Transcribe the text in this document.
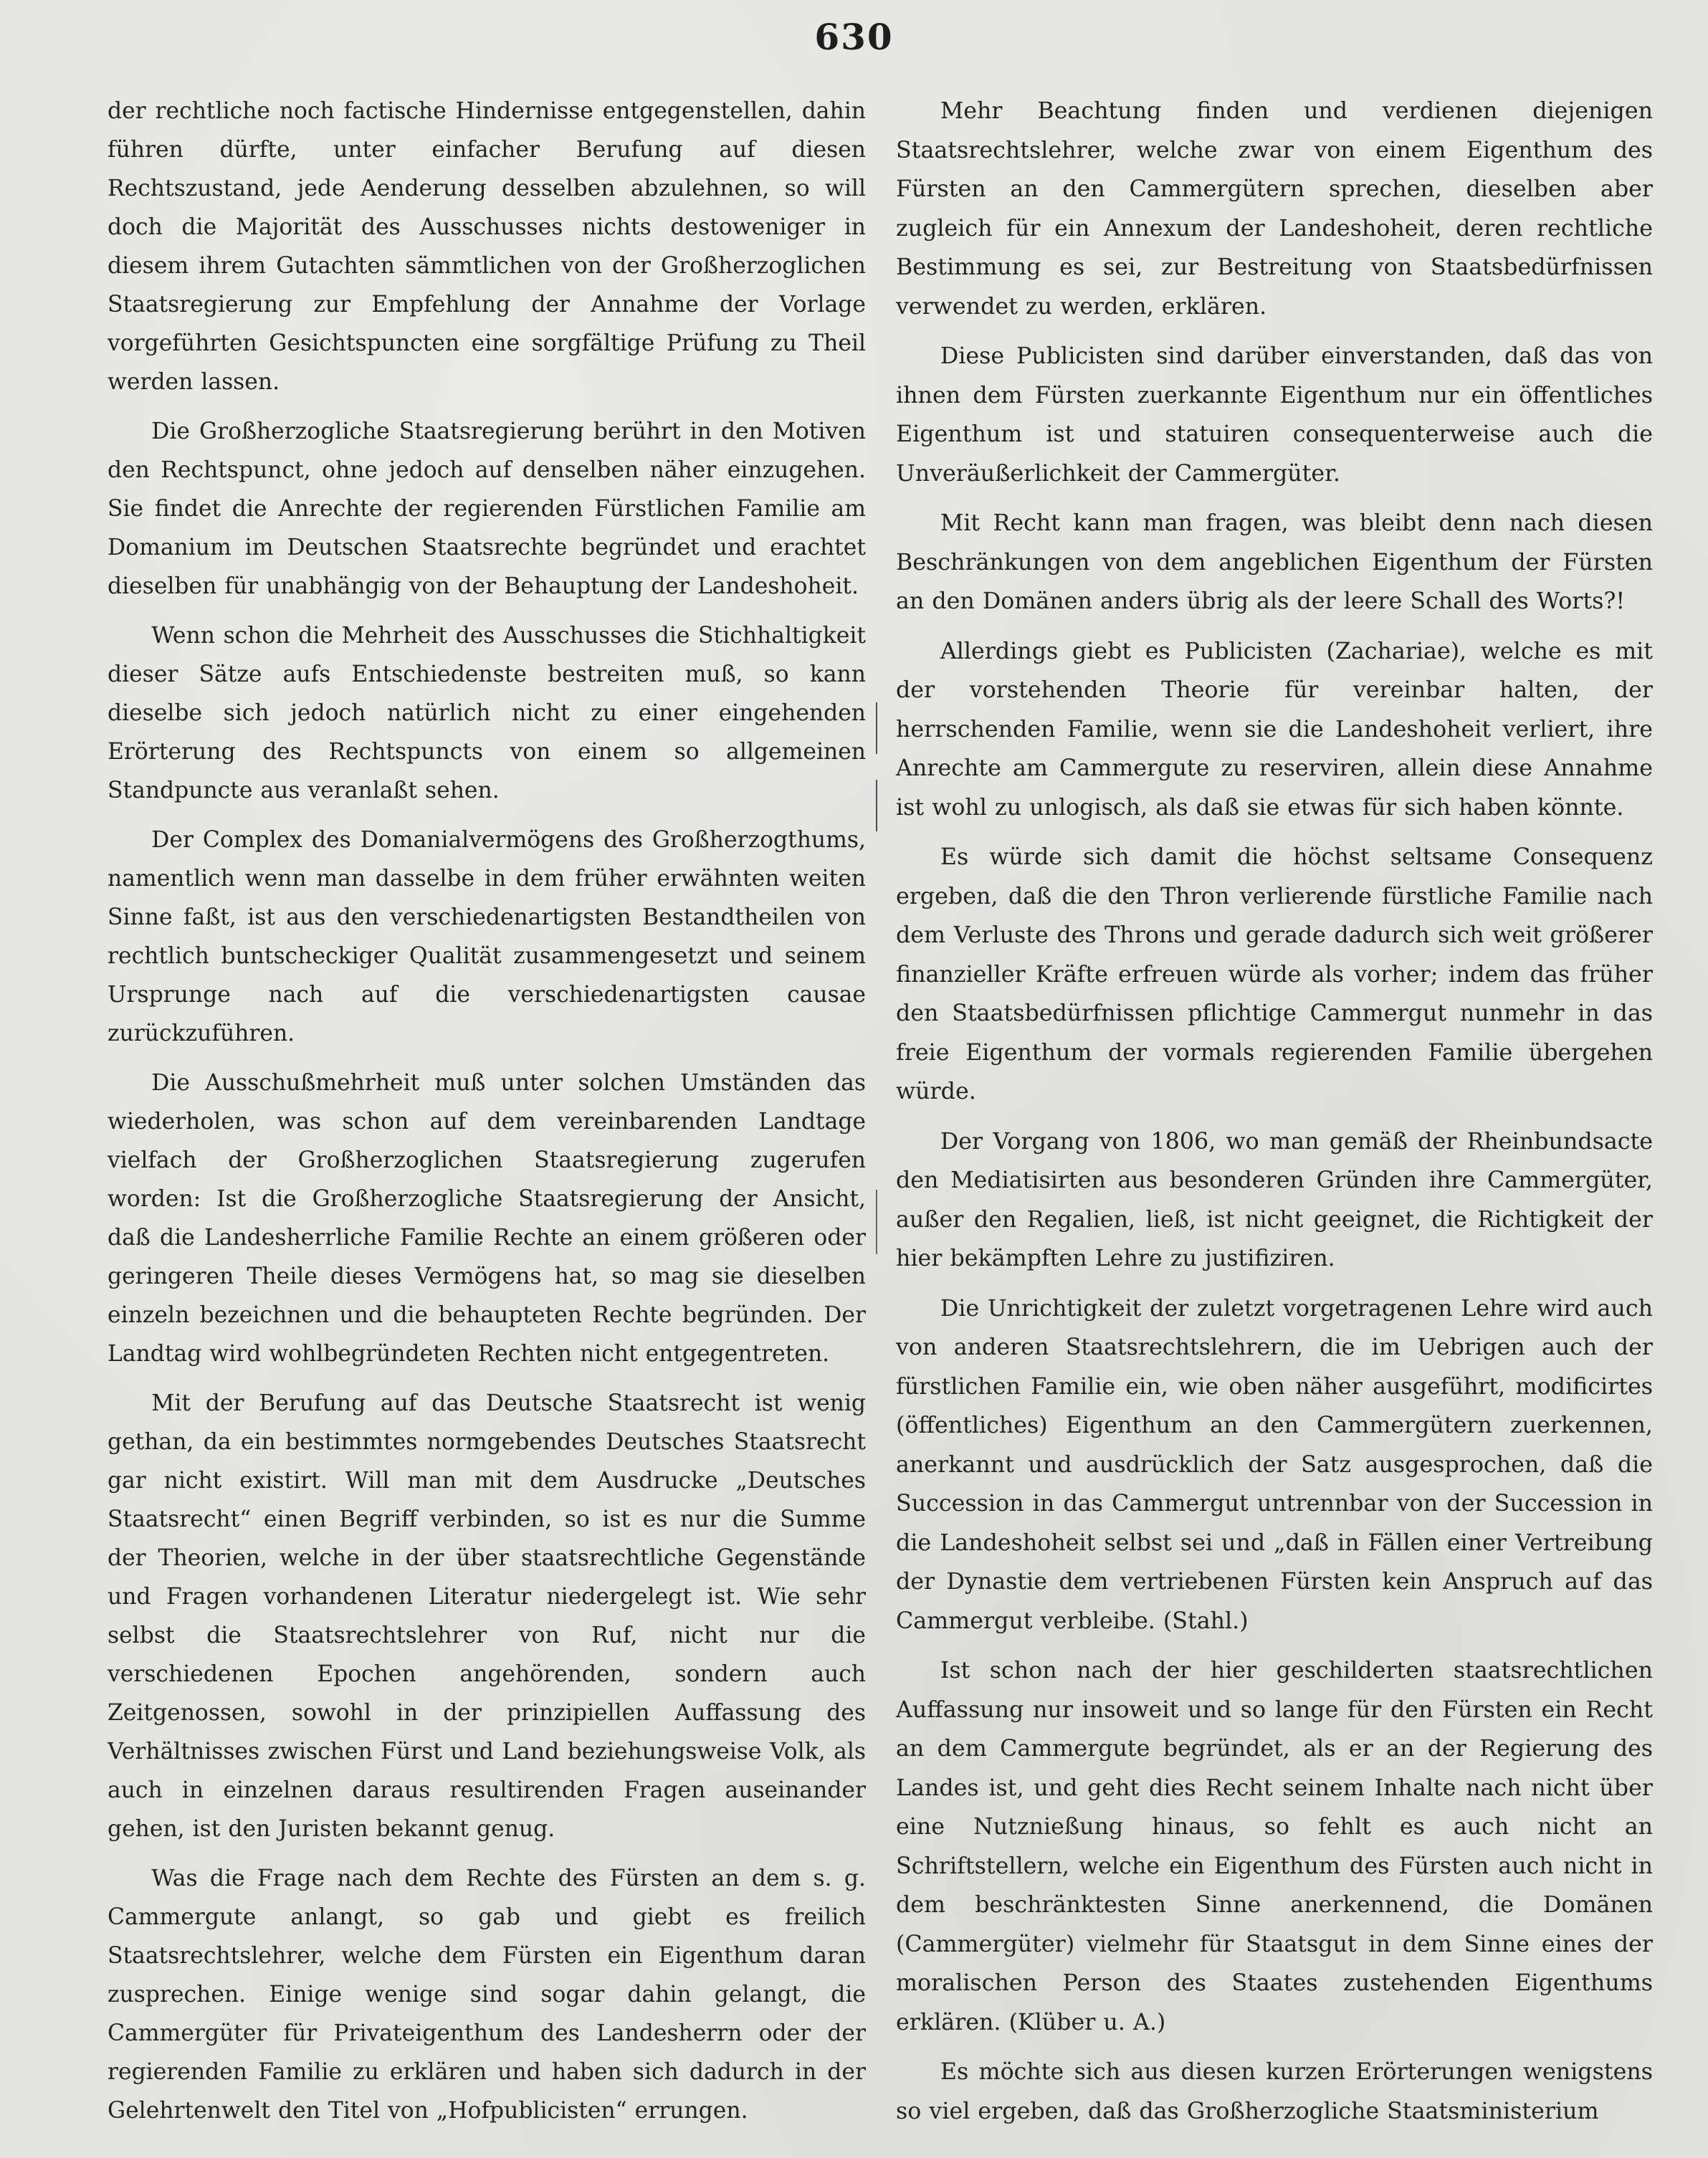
630

der rechtliche noch factische Hindernisse entgegenstellen, dahin führen dürfte, unter einfacher Berufung auf diesen Rechtszustand, jede Aenderung desselben abzulehnen, so will doch die Majorität des Ausschusses nichts destoweniger in diesem ihrem Gutachten sämmtlichen von der Großherzoglichen Staatsregierung zur Empfehlung der Annahme der Vorlage vorgeführten Gesichtspuncten eine sorgfältige Prüfung zu Theil werden lassen.

Die Großherzogliche Staatsregierung berührt in den Motiven den Rechtspunct, ohne jedoch auf denselben näher einzugehen. Sie findet die Anrechte der regierenden Fürstlichen Familie am Domanium im Deutschen Staatsrechte begründet und erachtet dieselben für unabhängig von der Behauptung der Landeshoheit.

Wenn schon die Mehrheit des Ausschusses die Stichhaltigkeit dieser Sätze aufs Entschiedenste bestreiten muß, so kann dieselbe sich jedoch natürlich nicht zu einer eingehenden Erörterung des Rechtspuncts von einem so allgemeinen Standpuncte aus veranlaßt sehen.

Der Complex des Domanialvermögens des Großherzogthums, namentlich wenn man dasselbe in dem früher erwähnten weiten Sinne faßt, ist aus den verschiedenartigsten Bestandtheilen von rechtlich buntscheckiger Qualität zusammengesetzt und seinem Ursprunge nach auf die verschiedenartigsten causae zurückzuführen.

Die Ausschußmehrheit muß unter solchen Umständen das wiederholen, was schon auf dem vereinbarenden Landtage vielfach der Großherzoglichen Staatsregierung zugerufen worden: Ist die Großherzogliche Staatsregierung der Ansicht, daß die Landesherrliche Familie Rechte an einem größeren oder geringeren Theile dieses Vermögens hat, so mag sie dieselben einzeln bezeichnen und die behaupteten Rechte begründen. Der Landtag wird wohlbegründeten Rechten nicht entgegentreten.

Mit der Berufung auf das Deutsche Staatsrecht ist wenig gethan, da ein bestimmtes normgebendes Deutsches Staatsrecht gar nicht existirt. Will man mit dem Ausdrucke „Deutsches Staatsrecht“ einen Begriff verbinden, so ist es nur die Summe der Theorien, welche in der über staatsrechtliche Gegenstände und Fragen vorhandenen Literatur niedergelegt ist. Wie sehr selbst die Staatsrechtslehrer von Ruf, nicht nur die verschiedenen Epochen angehörenden, sondern auch Zeitgenossen, sowohl in der prinzipiellen Auffassung des Verhältnisses zwischen Fürst und Land beziehungsweise Volk, als auch in einzelnen daraus resultirenden Fragen auseinander gehen, ist den Juristen bekannt genug.

Was die Frage nach dem Rechte des Fürsten an dem s. g. Cammergute anlangt, so gab und giebt es freilich Staatsrechtslehrer, welche dem Fürsten ein Eigenthum daran zusprechen. Einige wenige sind sogar dahin gelangt, die Cammergüter für Privateigenthum des Landesherrn oder der regierenden Familie zu erklären und haben sich dadurch in der Gelehrtenwelt den Titel von „Hofpublicisten“ errungen.

Mehr Beachtung finden und verdienen diejenigen Staatsrechtslehrer, welche zwar von einem Eigenthum des Fürsten an den Cammergütern sprechen, dieselben aber zugleich für ein Annexum der Landeshoheit, deren rechtliche Bestimmung es sei, zur Bestreitung von Staatsbedürfnissen verwendet zu werden, erklären.

Diese Publicisten sind darüber einverstanden, daß das von ihnen dem Fürsten zuerkannte Eigenthum nur ein öffentliches Eigenthum ist und statuiren consequenterweise auch die Unveräußerlichkeit der Cammergüter.

Mit Recht kann man fragen, was bleibt denn nach diesen Beschränkungen von dem angeblichen Eigenthum der Fürsten an den Domänen anders übrig als der leere Schall des Worts?!

Allerdings giebt es Publicisten (Zachariae), welche es mit der vorstehenden Theorie für vereinbar halten, der herrschenden Familie, wenn sie die Landeshoheit verliert, ihre Anrechte am Cammergute zu reserviren, allein diese Annahme ist wohl zu unlogisch, als daß sie etwas für sich haben könnte.

Es würde sich damit die höchst seltsame Consequenz ergeben, daß die den Thron verlierende fürstliche Familie nach dem Verluste des Throns und gerade dadurch sich weit größerer finanzieller Kräfte erfreuen würde als vorher; indem das früher den Staatsbedürfnissen pflichtige Cammergut nunmehr in das freie Eigenthum der vormals regierenden Familie übergehen würde.

Der Vorgang von 1806, wo man gemäß der Rheinbundsacte den Mediatisirten aus besonderen Gründen ihre Cammergüter, außer den Regalien, ließ, ist nicht geeignet, die Richtigkeit der hier bekämpften Lehre zu justifiziren.

Die Unrichtigkeit der zuletzt vorgetragenen Lehre wird auch von anderen Staatsrechtslehrern, die im Uebrigen auch der fürstlichen Familie ein, wie oben näher ausgeführt, modificirtes (öffentliches) Eigenthum an den Cammergütern zuerkennen, anerkannt und ausdrücklich der Satz ausgesprochen, daß die Succession in das Cammergut untrennbar von der Succession in die Landeshoheit selbst sei und „daß in Fällen einer Vertreibung der Dynastie dem vertriebenen Fürsten kein Anspruch auf das Cammergut verbleibe. (Stahl.)

Ist schon nach der hier geschilderten staatsrechtlichen Auffassung nur insoweit und so lange für den Fürsten ein Recht an dem Cammergute begründet, als er an der Regierung des Landes ist, und geht dies Recht seinem Inhalte nach nicht über eine Nutznießung hinaus, so fehlt es auch nicht an Schriftstellern, welche ein Eigenthum des Fürsten auch nicht in dem beschränktesten Sinne anerkennend, die Domänen (Cammergüter) vielmehr für Staatsgut in dem Sinne eines der moralischen Person des Staates zustehenden Eigenthums erklären. (Klüber u. A.)

Es möchte sich aus diesen kurzen Erörterungen wenigstens so viel ergeben, daß das Großherzogliche Staatsministerium
